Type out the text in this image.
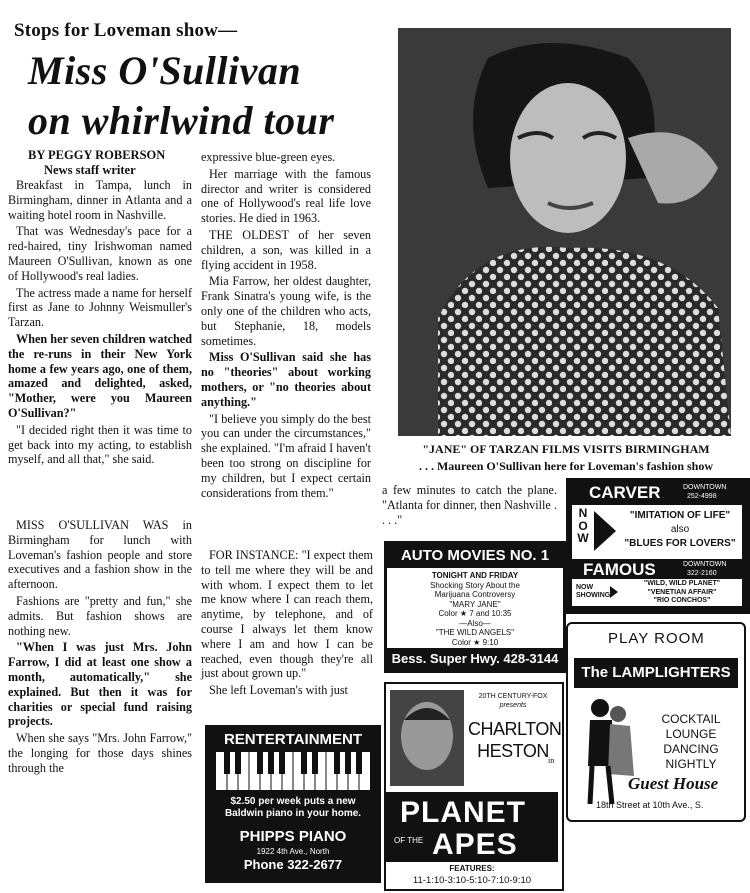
Stops for Loveman show—
Miss O'Sullivan
on whirlwind tour
BY PEGGY ROBERSON
News staff writer

Breakfast in Tampa, lunch in Birmingham, dinner in Atlanta and a waiting hotel room in Nashville.

That was Wednesday's pace for a red-haired, tiny Irishwoman named Maureen O'Sullivan, known as one of Hollywood's real ladies.

The actress made a name for herself first as Jane to Johnny Weismuller's Tarzan.

When her seven children watched the re-runs in their New York home a few years ago, one of them, amazed and delighted, asked, "Mother, were you Maureen O'Sullivan?"

"I decided right then it was time to get back into my acting, to establish myself, and all that," she said.

MISS O'SULLIVAN WAS in Birmingham for lunch with Loveman's fashion people and store executives and a fashion show in the afternoon.

Fashions are "pretty and fun," she admits. But fashion shows are nothing new.

"When I was just Mrs. John Farrow, I did at least one show a month, automatically," she explained. But then it was for charities or special fund raising projects.

When she says "Mrs. John Farrow," the longing for those days shines through the

expressive blue-green eyes.

Her marriage with the famous director and writer is considered one of Hollywood's real life love stories. He died in 1963.

THE OLDEST of her seven children, a son, was killed in a flying accident in 1958.

Mia Farrow, her oldest daughter, Frank Sinatra's young wife, is the only one of the children who acts, but Stephanie, 18, models sometimes.

Miss O'Sullivan said she has no "theories" about working mothers, or "no theories about anything."

"I believe you simply do the best you can under the circumstances," she explained. "I'm afraid I haven't been too strong on discipline for my children, but I expect certain considerations from them."

FOR INSTANCE: "I expect them to tell me where they will be and with whom. I expect them to let me know where I can reach them, anytime, by telephone, and of course I always let them know where I am and how I can be reached, even though they're all just about grown up."

She left Loveman's with just

a few minutes to catch the plane. "Atlanta for dinner, then Nashville . . . ."

"JANE" OF TARZAN FILMS VISITS BIRMINGHAM
. . . Maureen O'Sullivan here for Loveman's fashion show
CARVER	DOWNTOWN
252-4998
NOW
"IMITATION OF LIFE"
also
"BLUES FOR LOVERS"
FAMOUS	DOWNTOWN
322-2160
NOW SHOWING
"WILD, WILD PLANET"
"VENETIAN AFFAIR"
"RIO CONCHOS"
PLAY ROOM
The LAMPLIGHTERS
COCKTAIL
LOUNGE
DANCING
NIGHTLY
Guest House
18th Street at 10th Ave., S.
AUTO MOVIES NO. 1
TONIGHT AND FRIDAY
Shocking Story About the
Marijuana Controversy
"MARY JANE"
Color ★ 7 and 10:35
—Also—
"THE WILD ANGELS"
Color ★ 9:10
Bess. Super Hwy. 428-3144
20TH CENTURY-FOX
presents
CHARLTON
HESTON in
PLANET
OF THE APES
FEATURES:
11-1:10-3:10-5:10-7:10-9:10
RENTERTAINMENT
$2.50 per week puts a new
Baldwin piano in your home.
PHIPPS PIANO
1922 4th Ave., North
Phone 322-2677
